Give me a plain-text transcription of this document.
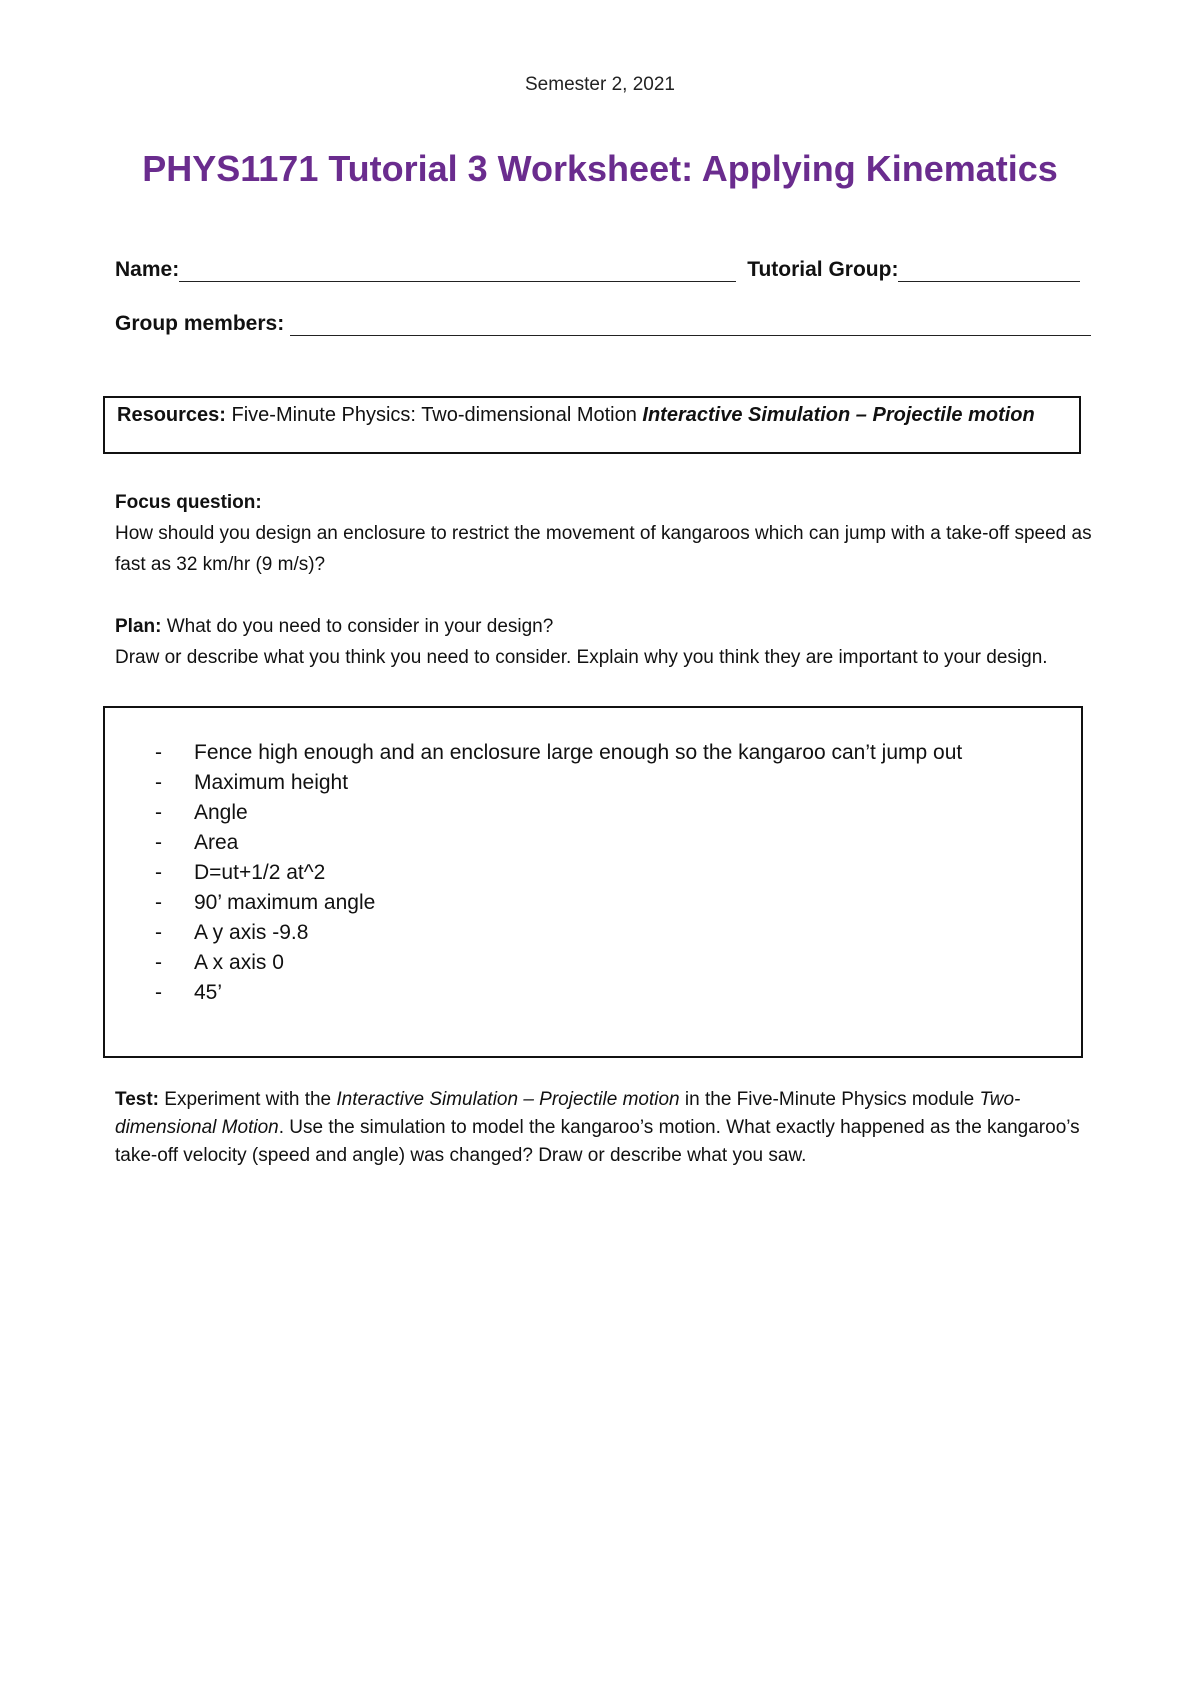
Semester 2, 2021
PHYS1171 Tutorial 3 Worksheet: Applying Kinematics
Name:	Tutorial Group:
Group members:
Resources: Five-Minute Physics: Two-dimensional Motion Interactive Simulation – Projectile motion
Focus question:
How should you design an enclosure to restrict the movement of kangaroos which can jump with a take-off speed as fast as 32 km/hr (9 m/s)?
Plan: What do you need to consider in your design?
Draw or describe what you think you need to consider. Explain why you think they are important to your design.
-	Fence high enough and an enclosure large enough so the kangaroo can’t jump out
-	Maximum height
-	Angle
-	Area
-	D=ut+1/2 at^2
-	90’ maximum angle
-	A y axis -9.8
-	A x axis 0
-	45’
Test: Experiment with the Interactive Simulation – Projectile motion in the Five-Minute Physics module Two-dimensional Motion. Use the simulation to model the kangaroo’s motion. What exactly happened as the kangaroo’s take-off velocity (speed and angle) was changed? Draw or describe what you saw.
